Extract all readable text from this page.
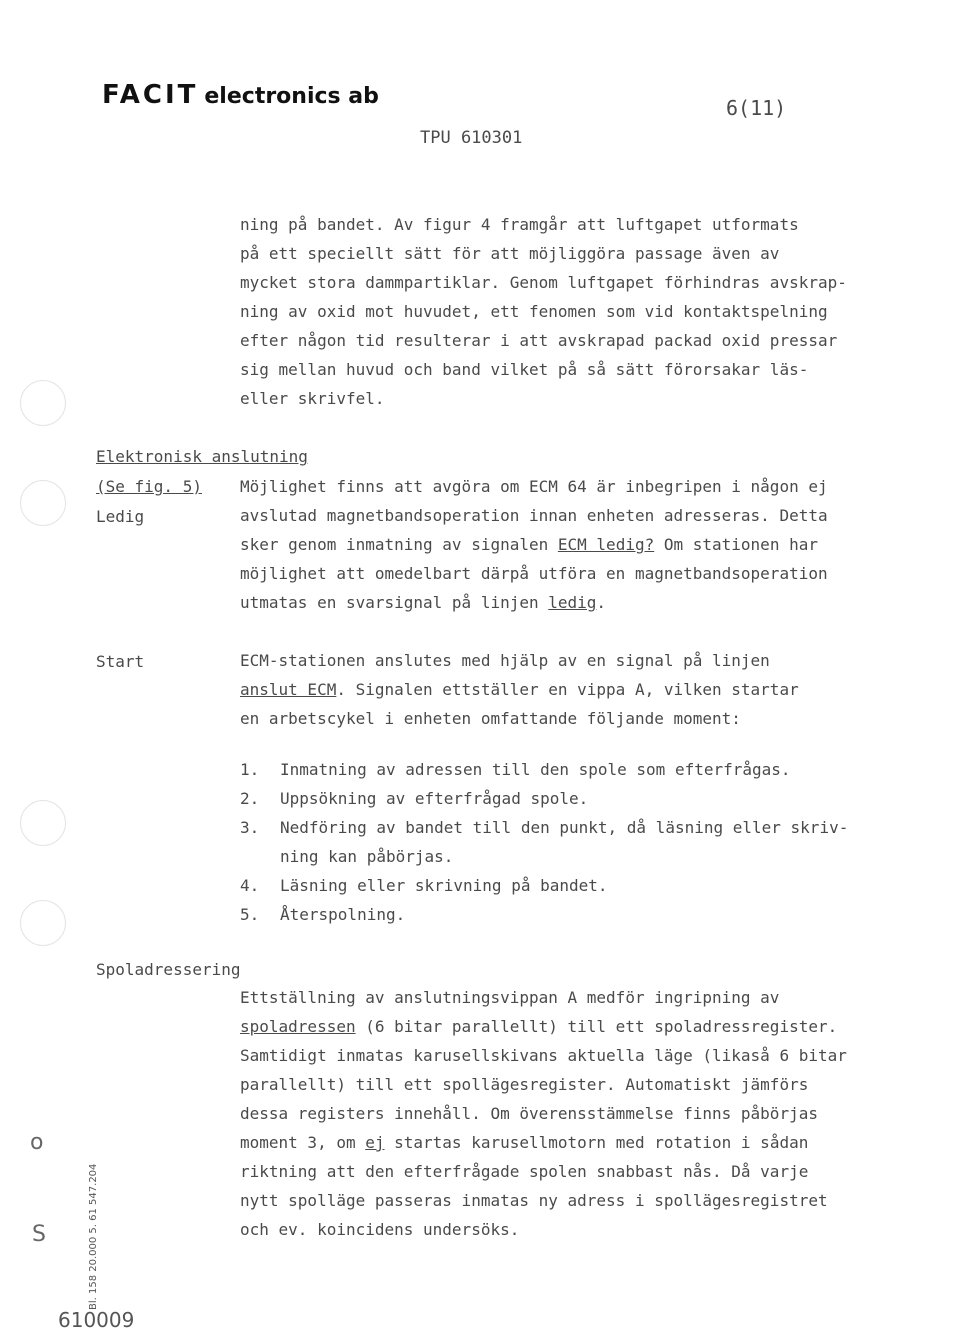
FACIT electronics ab	6(11)
TPU 610301
ning på bandet. Av figur 4 framgår att luftgapet utformats
på ett speciellt sätt för att möjliggöra passage även av
mycket stora dammpartiklar. Genom luftgapet förhindras avskrap-
ning av oxid mot huvudet, ett fenomen som vid kontaktspelning
efter någon tid resulterar i att avskrapad packad oxid pressar
sig mellan huvud och band vilket på så sätt förorsakar läs-
eller skrivfel.
Elektronisk anslutning
(Se fig. 5)
Ledig
Möjlighet finns att avgöra om ECM 64 är inbegripen i någon ej
avslutad magnetbandsoperation innan enheten adresseras. Detta
sker genom inmatning av signalen ECM ledig? Om stationen har
möjlighet att omedelbart därpå utföra en magnetbandsoperation
utmatas en svarsignal på linjen ledig.
Start	ECM-stationen anslutes med hjälp av en signal på linjen
anslut ECM. Signalen ettställer en vippa A, vilken startar
en arbetscykel i enheten omfattande följande moment:
1. Inmatning av adressen till den spole som efterfrågas.
2. Uppsökning av efterfrågad spole.
3. Nedföring av bandet till den punkt, då läsning eller skriv-
ning kan påbörjas.
4. Läsning eller skrivning på bandet.
5. Återspolning.
Spoladressering
Ettställning av anslutningsvippan A medför ingripning av
spoladressen (6 bitar parallellt) till ett spoladressregister.
Samtidigt inmatas karusellskivans aktuella läge (likaså 6 bitar
parallellt) till ett spollägesregister. Automatiskt jämförs
dessa registers innehåll. Om överensstämmelse finns påbörjas
moment 3, om ej startas karusellmotorn med rotation i sådan
riktning att den efterfrågade spolen snabbast nås. Då varje
nytt spolläge passeras inmatas ny adress i spollägesregistret
och ev. koincidens undersöks.
o
S	Bl. 158 20.000 5. 61 547.204
610009
